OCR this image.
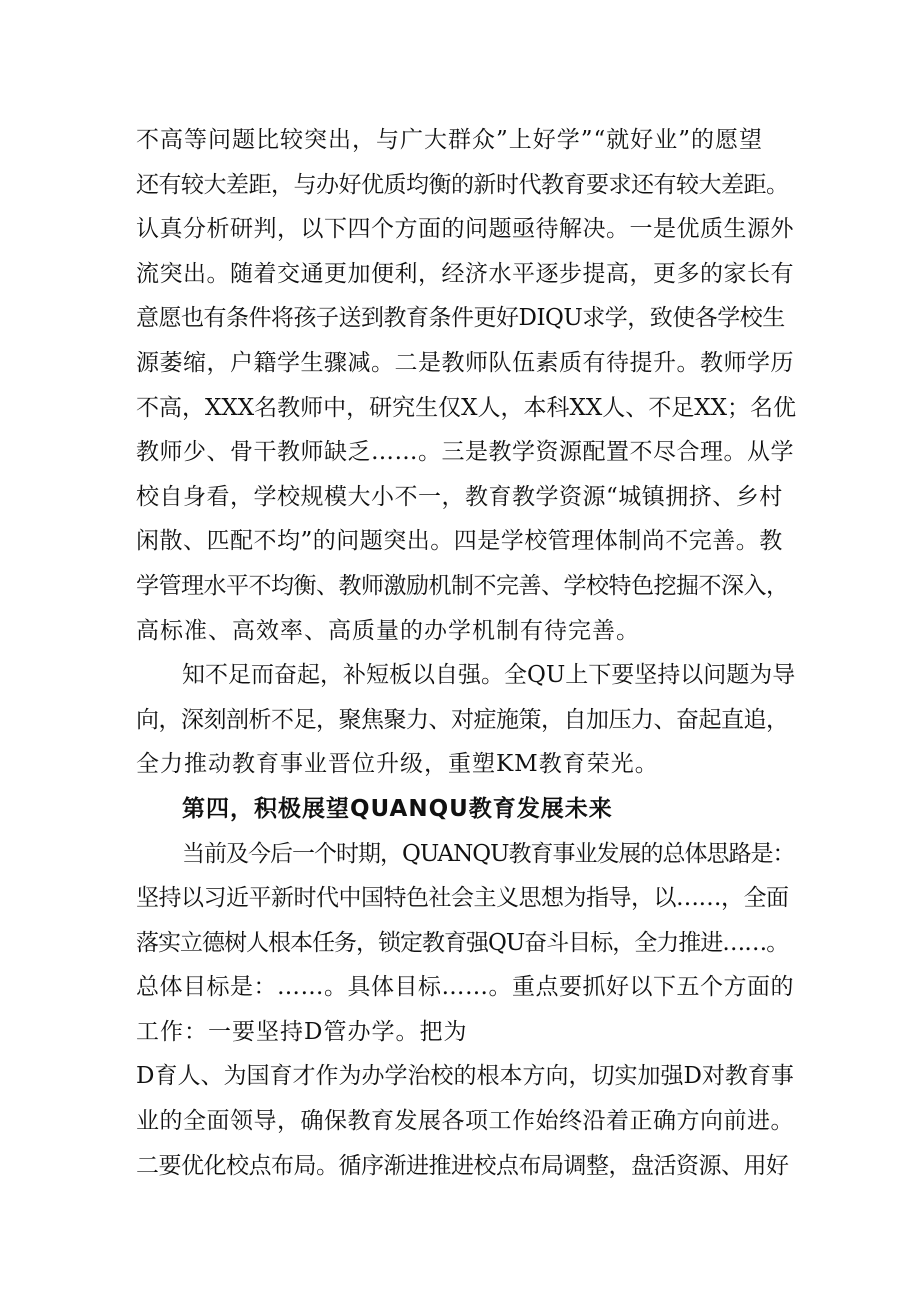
不高等问题比较突出，与广大群众”上好学”“就好业”的愿望
还有较大差距，与办好优质均衡的新时代教育要求还有较大差距。
认真分析研判，以下四个方面的问题亟待解决。一是优质生源外
流突出。随着交通更加便利，经济水平逐步提高，更多的家长有
意愿也有条件将孩子送到教育条件更好DIQU求学，致使各学校生
源萎缩，户籍学生骤减。二是教师队伍素质有待提升。教师学历
不高，XXX名教师中，研究生仅X人，本科XX人、不足XX；名优
教师少、骨干教师缺乏……。三是教学资源配置不尽合理。从学
校自身看，学校规模大小不一，教育教学资源“城镇拥挤、乡村
闲散、匹配不均”的问题突出。四是学校管理体制尚不完善。教
学管理水平不均衡、教师激励机制不完善、学校特色挖掘不深入，
高标准、高效率、高质量的办学机制有待完善。
知不足而奋起，补短板以自强。全QU上下要坚持以问题为导
向，深刻剖析不足，聚焦聚力、对症施策，自加压力、奋起直追，
全力推动教育事业晋位升级，重塑KM教育荣光。
第四，积极展望QUANQU教育发展未来
当前及今后一个时期，QUANQU教育事业发展的总体思路是：
坚持以习近平新时代中国特色社会主义思想为指导，以……，全面
落实立德树人根本任务，锁定教育强QU奋斗目标，全力推进……。
总体目标是：……。具体目标……。重点要抓好以下五个方面的
工作：一要坚持D管办学。把为
D育人、为国育才作为办学治校的根本方向，切实加强D对教育事
业的全面领导，确保教育发展各项工作始终沿着正确方向前进。
二要优化校点布局。循序渐进推进校点布局调整，盘活资源、用好
